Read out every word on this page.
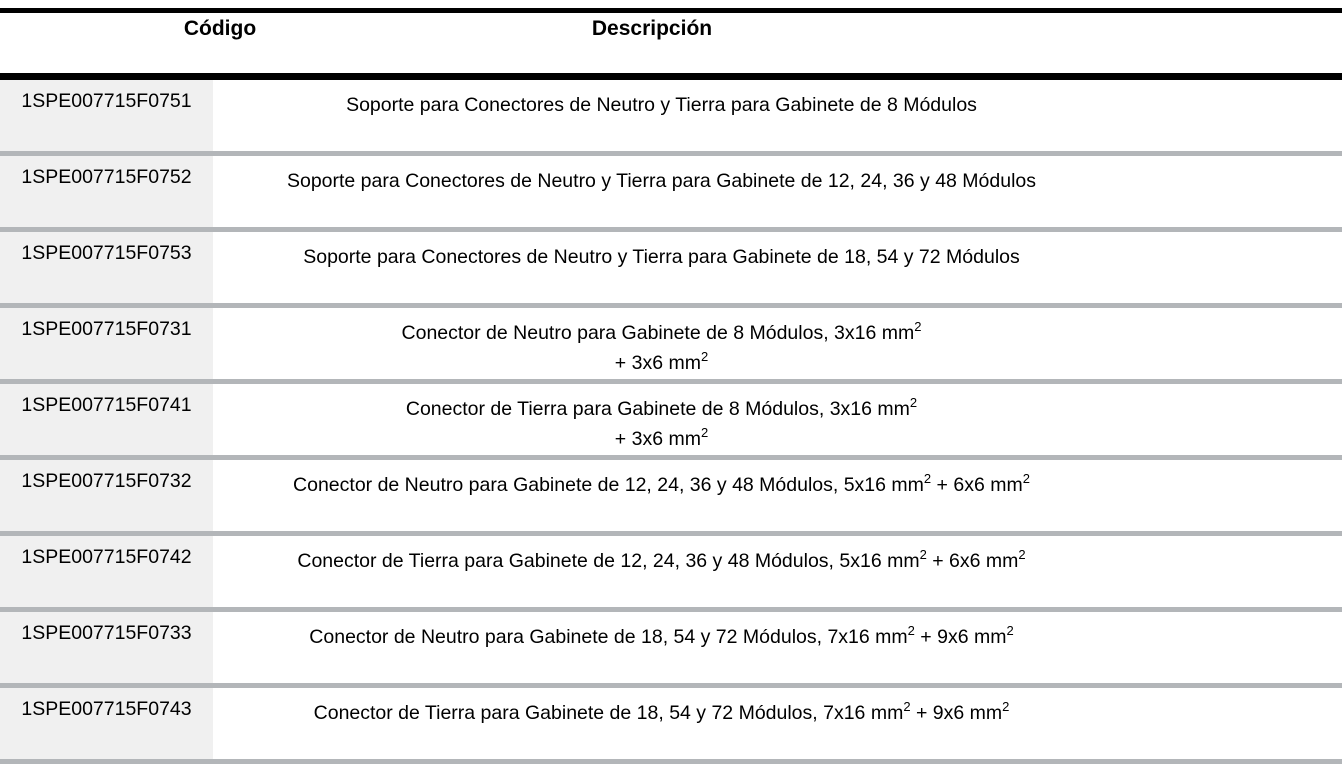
Código	Descripción
1SPE007715F0751	Soporte para Conectores de Neutro y Tierra para Gabinete de 8 Módulos
1SPE007715F0752	Soporte para Conectores de Neutro y Tierra para Gabinete de 12, 24, 36 y 48 Módulos
1SPE007715F0753	Soporte para Conectores de Neutro y Tierra para Gabinete de 18, 54 y 72 Módulos
1SPE007715F0731	Conector de Neutro para Gabinete de 8 Módulos, 3x16 $mm^2$
+ 3x6 $mm^2$
1SPE007715F0741	Conector de Tierra para Gabinete de 8 Módulos, 3x16 $mm^2$
+ 3x6 $mm^2$
1SPE007715F0732	Conector de Neutro para Gabinete de 12, 24, 36 y 48 Módulos, 5x16 $mm^2 + 6x6$ $mm^2$
1SPE007715F0742	Conector de Tierra para Gabinete de 12, 24, 36 y 48 Módulos, 5x16 $mm^2 + 6x6$ $mm^2$
1SPE007715F0733	Conector de Neutro para Gabinete de 18, 54 y 72 Módulos, 7x16 $mm^2 + 9x6$ $mm^2$
1SPE007715F0743	Conector de Tierra para Gabinete de 18, 54 y 72 Módulos, 7x16 $mm^2 + 9x6$ $mm^2$
